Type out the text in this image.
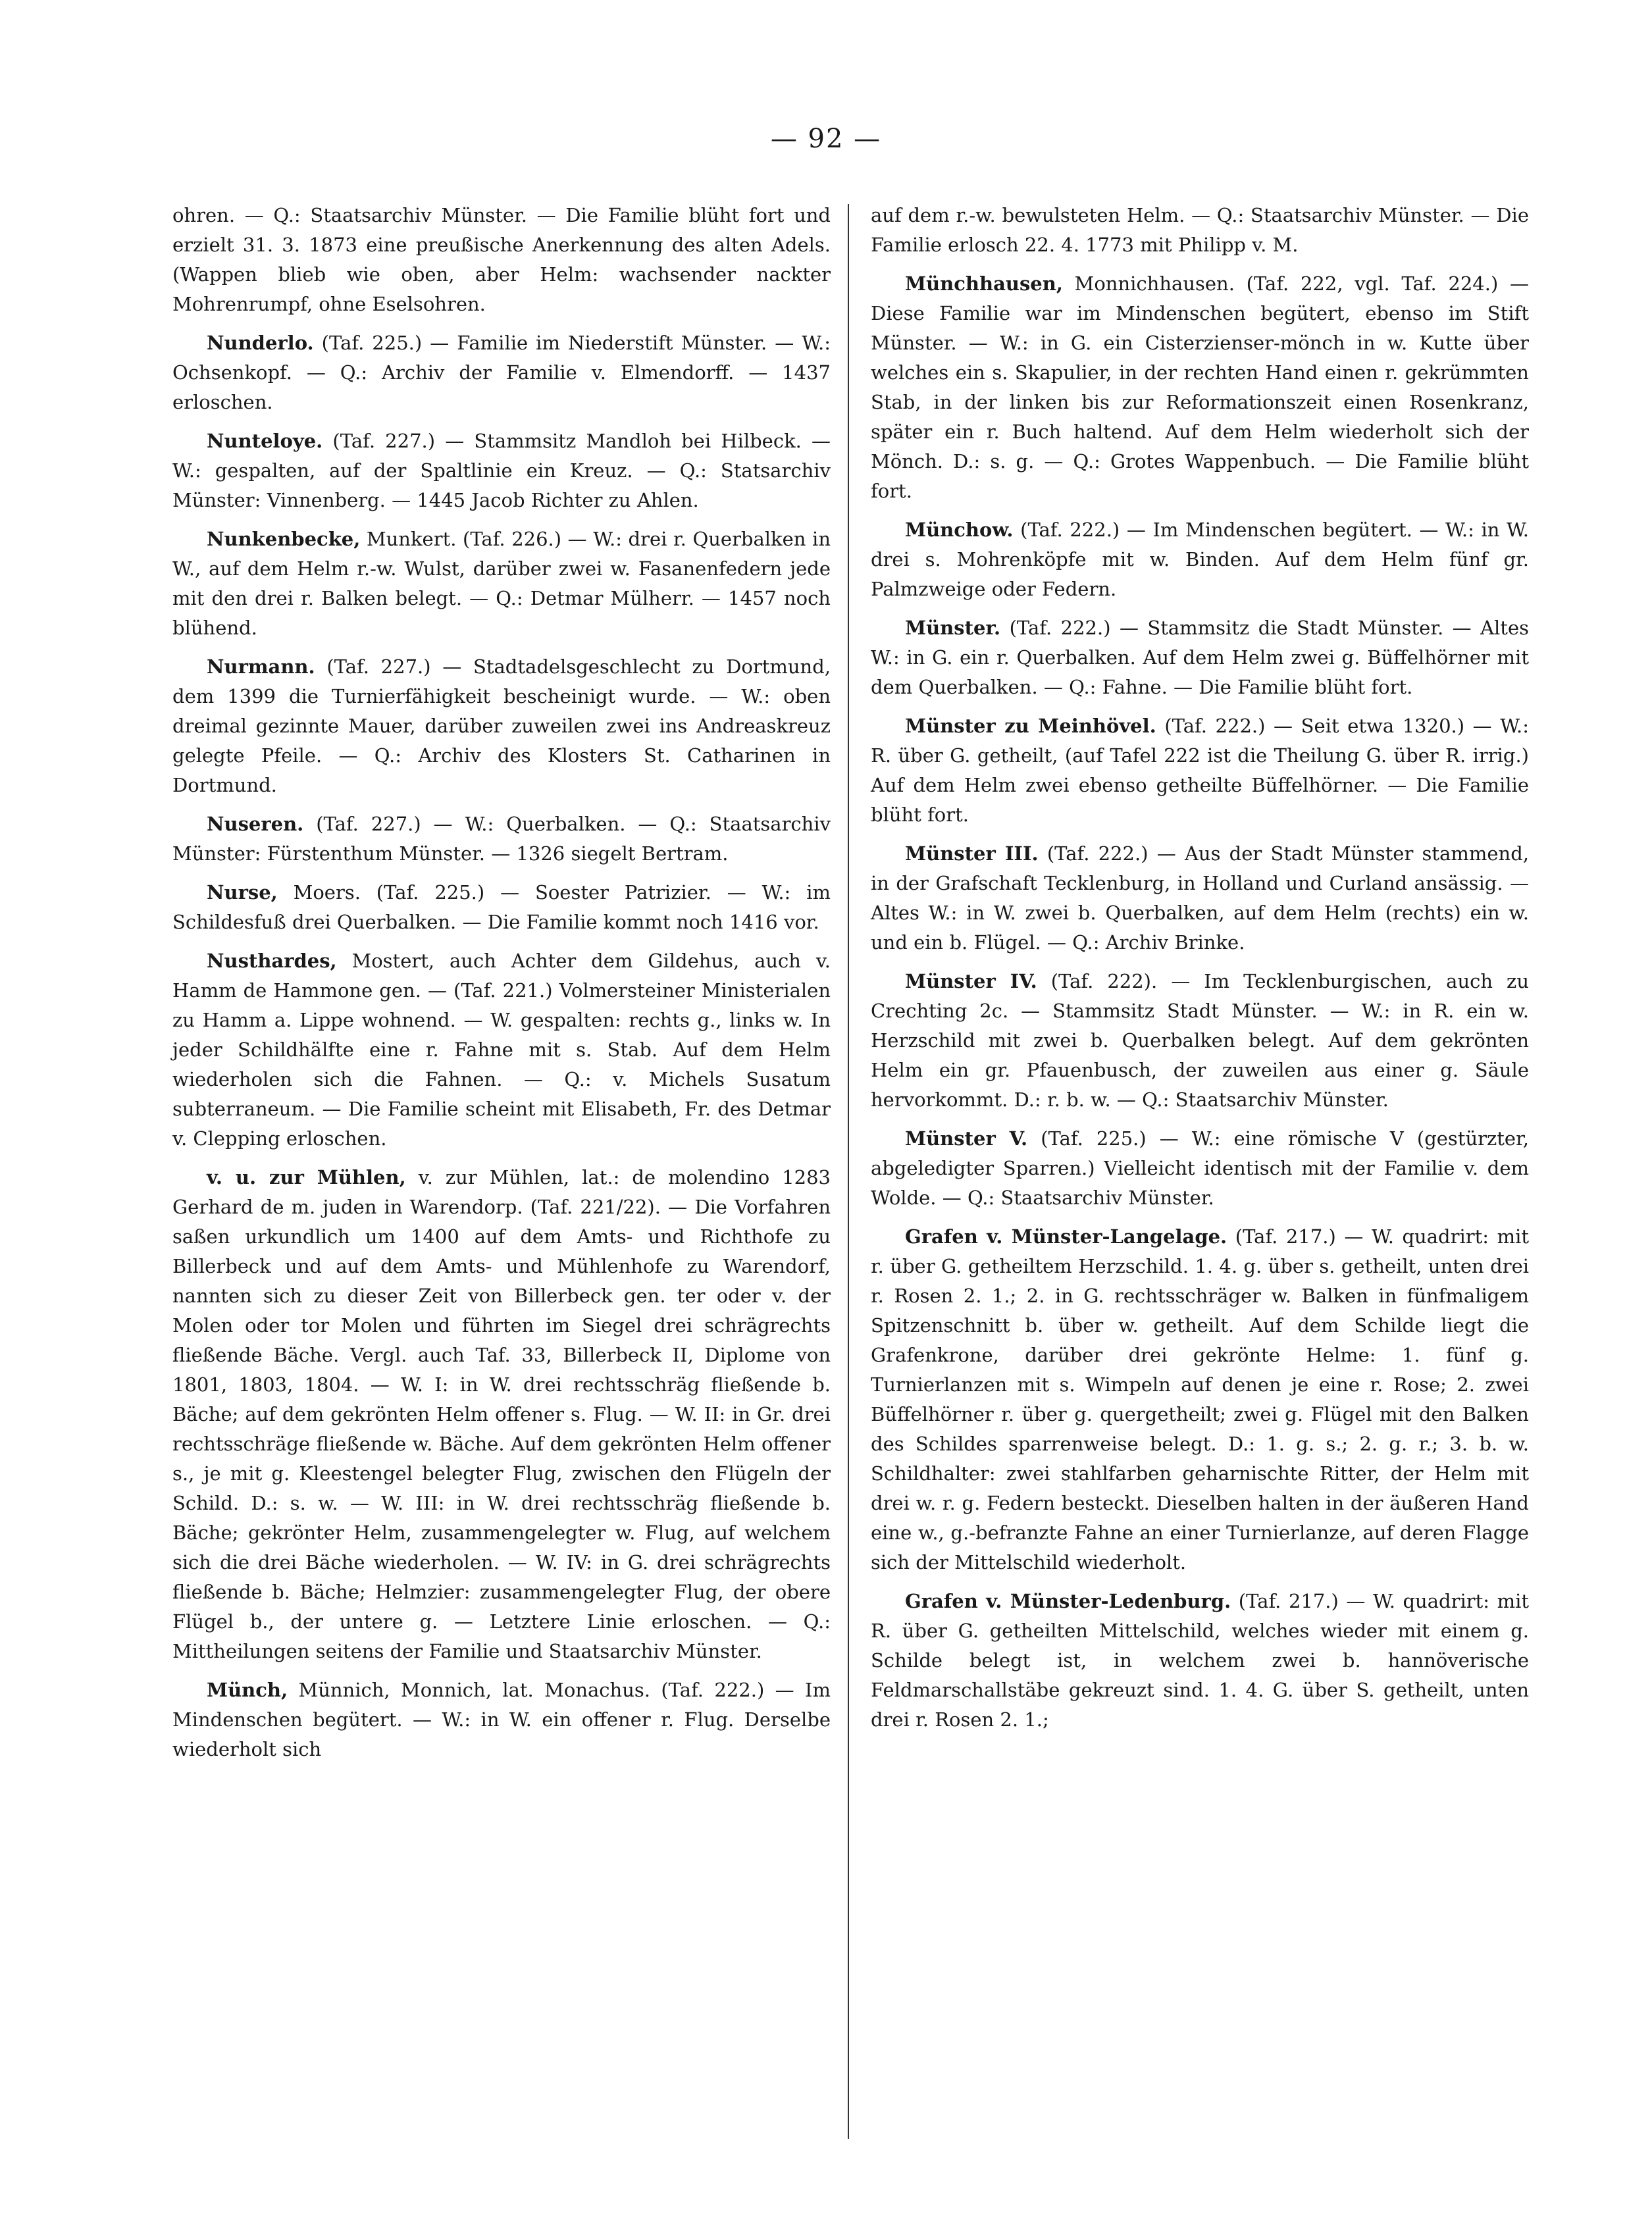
— 92 —

ohren. — Q.: Staatsarchiv Münster. — Die Familie blüht fort und erzielt 31. 3. 1873 eine preußische Anerkennung des alten Adels. (Wappen blieb wie oben, aber Helm: wachsender nackter Mohrenrumpf, ohne Eselsohren.

Nunderlo. (Taf. 225.) — Familie im Niederstift Münster. — W.: Ochsenkopf. — Q.: Archiv der Familie v. Elmendorff. — 1437 erloschen.

Nunteloye. (Taf. 227.) — Stammsitz Mandloh bei Hilbeck. — W.: gespalten, auf der Spaltlinie ein Kreuz. — Q.: Statsarchiv Münster: Vinnenberg. — 1445 Jacob Richter zu Ahlen.

Nunkenbecke, Munkert. (Taf. 226.) — W.: drei r. Querbalken in W., auf dem Helm r.-w. Wulst, darüber zwei w. Fasanenfedern jede mit den drei r. Balken belegt. — Q.: Detmar Mülherr. — 1457 noch blühend.

Nurmann. (Taf. 227.) — Stadtadelsgeschlecht zu Dortmund, dem 1399 die Turnierfähigkeit bescheinigt wurde. — W.: oben dreimal gezinnte Mauer, darüber zuweilen zwei ins Andreaskreuz gelegte Pfeile. — Q.: Archiv des Klosters St. Catharinen in Dortmund.

Nuseren. (Taf. 227.) — W.: Querbalken. — Q.: Staatsarchiv Münster: Fürstenthum Münster. — 1326 siegelt Bertram.

Nurse, Moers. (Taf. 225.) — Soester Patrizier. — W.: im Schildesfuß drei Querbalken. — Die Familie kommt noch 1416 vor.

Nusthardes, Mostert, auch Achter dem Gildehus, auch v. Hamm de Hammone gen. — (Taf. 221.) Volmersteiner Ministerialen zu Hamm a. Lippe wohnend. — W. gespalten: rechts g., links w. In jeder Schildhälfte eine r. Fahne mit s. Stab. Auf dem Helm wiederholen sich die Fahnen. — Q.: v. Michels Susatum subterraneum. — Die Familie scheint mit Elisabeth, Fr. des Detmar v. Clepping erloschen.

v. u. zur Mühlen, v. zur Mühlen, lat.: de molendino 1283 Gerhard de m. juden in Warendorp. (Taf. 221/22). — Die Vorfahren saßen urkundlich um 1400 auf dem Amts- und Richthofe zu Billerbeck und auf dem Amts- und Mühlenhofe zu Warendorf, nannten sich zu dieser Zeit von Billerbeck gen. ter oder v. der Molen oder tor Molen und führten im Siegel drei schrägrechts fließende Bäche. Vergl. auch Taf. 33, Billerbeck II, Diplome von 1801, 1803, 1804. — W. I: in W. drei rechtsschräg fließende b. Bäche; auf dem gekrönten Helm offener s. Flug. — W. II: in Gr. drei rechtsschräge fließende w. Bäche. Auf dem gekrönten Helm offener s., je mit g. Kleestengel belegter Flug, zwischen den Flügeln der Schild. D.: s. w. — W. III: in W. drei rechtsschräg fließende b. Bäche; gekrönter Helm, zusammengelegter w. Flug, auf welchem sich die drei Bäche wiederholen. — W. IV: in G. drei schrägrechts fließende b. Bäche; Helmzier: zusammengelegter Flug, der obere Flügel b., der untere g. — Letztere Linie erloschen. — Q.: Mittheilungen seitens der Familie und Staatsarchiv Münster.

Münch, Münnich, Monnich, lat. Monachus. (Taf. 222.) — Im Mindenschen begütert. — W.: in W. ein offener r. Flug. Derselbe wiederholt sich

auf dem r.-w. bewulsteten Helm. — Q.: Staatsarchiv Münster. — Die Familie erlosch 22. 4. 1773 mit Philipp v. M.

Münchhausen, Monnichhausen. (Taf. 222, vgl. Taf. 224.) — Diese Familie war im Mindenschen begütert, ebenso im Stift Münster. — W.: in G. ein Cisterzienser-mönch in w. Kutte über welches ein s. Skapulier, in der rechten Hand einen r. gekrümmten Stab, in der linken bis zur Reformationszeit einen Rosenkranz, später ein r. Buch haltend. Auf dem Helm wiederholt sich der Mönch. D.: s. g. — Q.: Grotes Wappenbuch. — Die Familie blüht fort.

Münchow. (Taf. 222.) — Im Mindenschen begütert. — W.: in W. drei s. Mohrenköpfe mit w. Binden. Auf dem Helm fünf gr. Palmzweige oder Federn.

Münster. (Taf. 222.) — Stammsitz die Stadt Münster. — Altes W.: in G. ein r. Querbalken. Auf dem Helm zwei g. Büffelhörner mit dem Querbalken. — Q.: Fahne. — Die Familie blüht fort.

Münster zu Meinhövel. (Taf. 222.) — Seit etwa 1320.) — W.: R. über G. getheilt, (auf Tafel 222 ist die Theilung G. über R. irrig.) Auf dem Helm zwei ebenso getheilte Büffelhörner. — Die Familie blüht fort.

Münster III. (Taf. 222.) — Aus der Stadt Münster stammend, in der Grafschaft Tecklenburg, in Holland und Curland ansässig. — Altes W.: in W. zwei b. Querbalken, auf dem Helm (rechts) ein w. und ein b. Flügel. — Q.: Archiv Brinke.

Münster IV. (Taf. 222). — Im Tecklenburgischen, auch zu Crechting 2c. — Stammsitz Stadt Münster. — W.: in R. ein w. Herzschild mit zwei b. Querbalken belegt. Auf dem gekrönten Helm ein gr. Pfauenbusch, der zuweilen aus einer g. Säule hervorkommt. D.: r. b. w. — Q.: Staatsarchiv Münster.

Münster V. (Taf. 225.) — W.: eine römische V (gestürzter, abgeledigter Sparren.) Vielleicht identisch mit der Familie v. dem Wolde. — Q.: Staatsarchiv Münster.

Grafen v. Münster-Langelage. (Taf. 217.) — W. quadrirt: mit r. über G. getheiltem Herzschild. 1. 4. g. über s. getheilt, unten drei r. Rosen 2. 1.; 2. in G. rechtsschräger w. Balken in fünfmaligem Spitzenschnitt b. über w. getheilt. Auf dem Schilde liegt die Grafenkrone, darüber drei gekrönte Helme: 1. fünf g. Turnierlanzen mit s. Wimpeln auf denen je eine r. Rose; 2. zwei Büffelhörner r. über g. quergetheilt; zwei g. Flügel mit den Balken des Schildes sparrenweise belegt. D.: 1. g. s.; 2. g. r.; 3. b. w. Schildhalter: zwei stahlfarben geharnischte Ritter, der Helm mit drei w. r. g. Federn besteckt. Dieselben halten in der äußeren Hand eine w., g.-befranzte Fahne an einer Turnierlanze, auf deren Flagge sich der Mittelschild wiederholt.

Grafen v. Münster-Ledenburg. (Taf. 217.) — W. quadrirt: mit R. über G. getheilten Mittelschild, welches wieder mit einem g. Schilde belegt ist, in welchem zwei b. hannöverische Feldmarschallstäbe gekreuzt sind. 1. 4. G. über S. getheilt, unten drei r. Rosen 2. 1.;
